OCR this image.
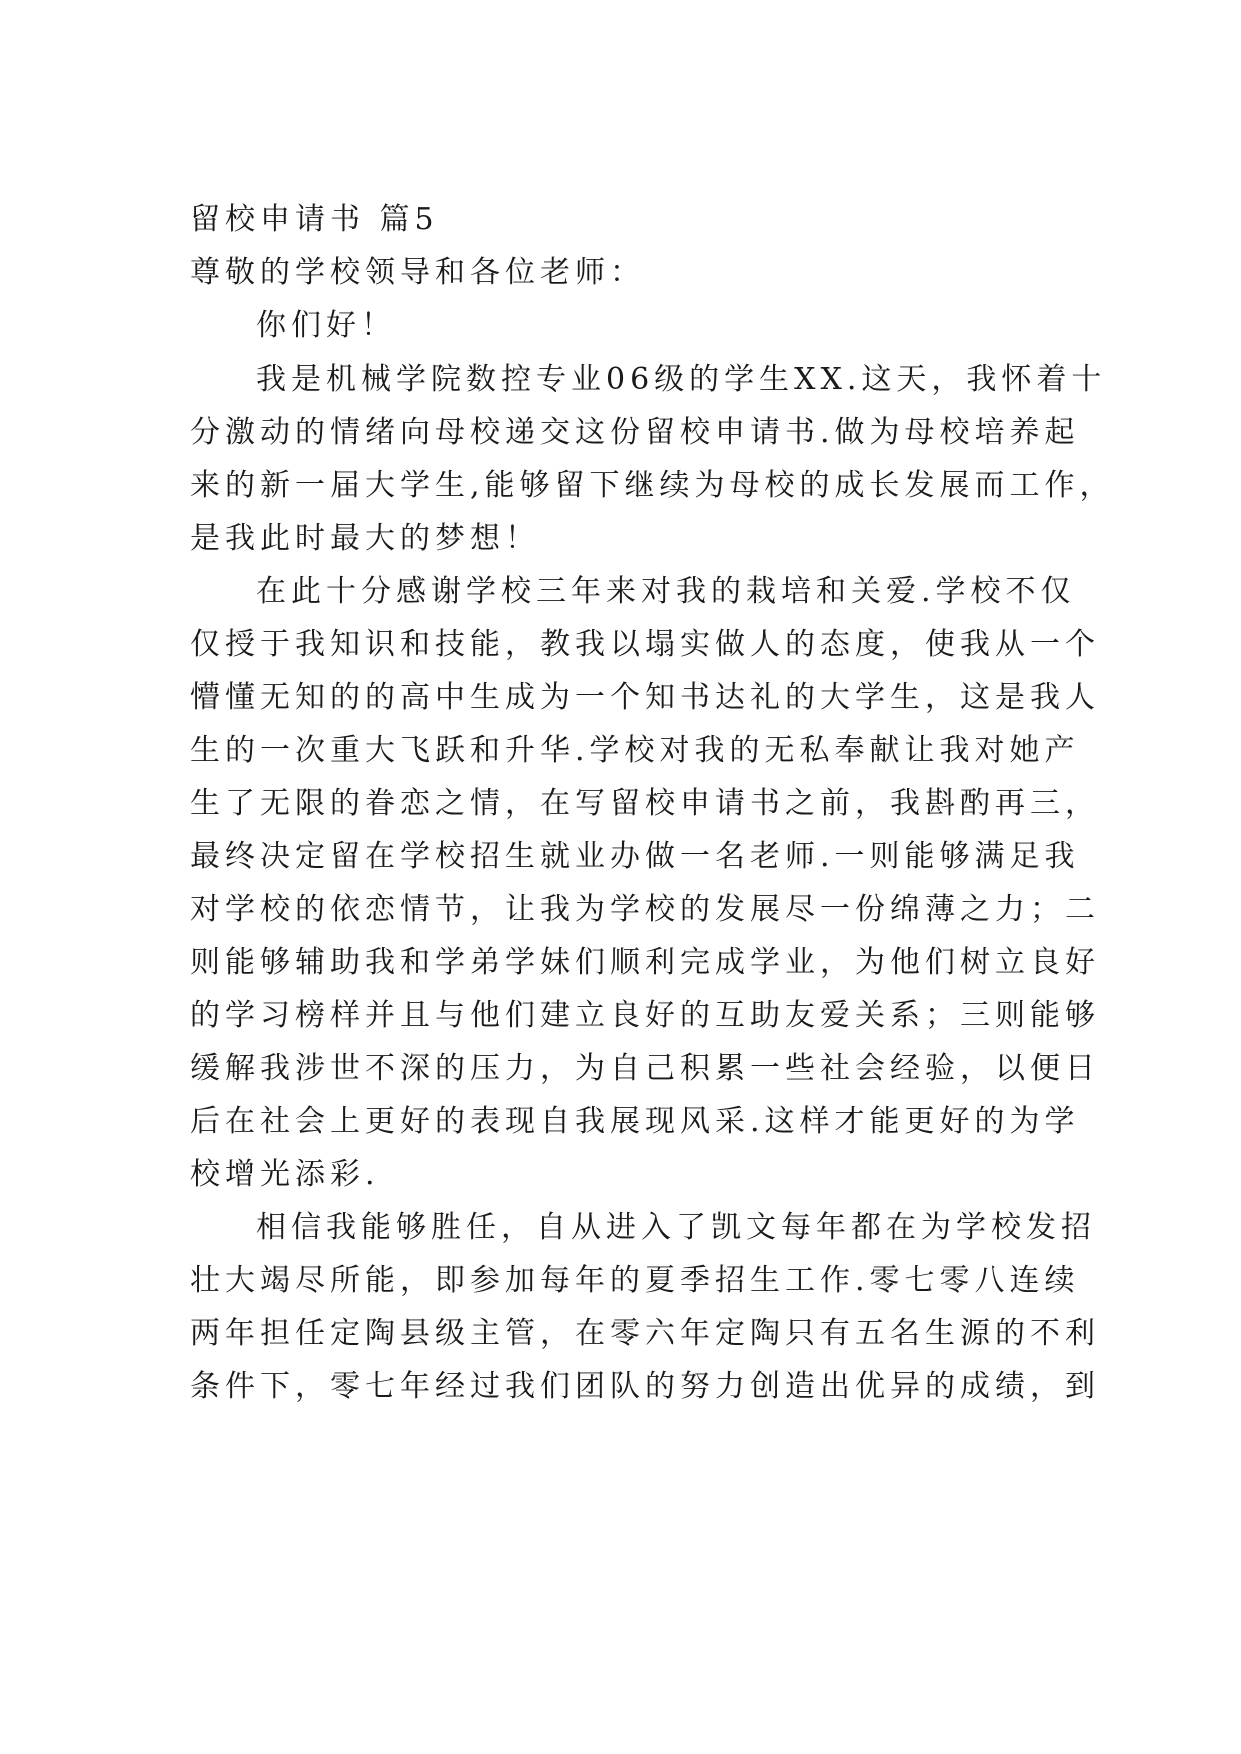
留校申请书 篇5

尊敬的学校领导和各位老师：

你们好！

我是机械学院数控专业06级的学生XX.这天，我怀着十

分激动的情绪向母校递交这份留校申请书.做为母校培养起

来的新一届大学生,能够留下继续为母校的成长发展而工作，

是我此时最大的梦想！

在此十分感谢学校三年来对我的栽培和关爱.学校不仅

仅授于我知识和技能，教我以塌实做人的态度，使我从一个

懵懂无知的的高中生成为一个知书达礼的大学生，这是我人

生的一次重大飞跃和升华.学校对我的无私奉献让我对她产

生了无限的眷恋之情，在写留校申请书之前，我斟酌再三，

最终决定留在学校招生就业办做一名老师.一则能够满足我

对学校的依恋情节，让我为学校的发展尽一份绵薄之力；二

则能够辅助我和学弟学妹们顺利完成学业，为他们树立良好

的学习榜样并且与他们建立良好的互助友爱关系；三则能够

缓解我涉世不深的压力，为自己积累一些社会经验，以便日

后在社会上更好的表现自我展现风采.这样才能更好的为学

校增光添彩.

相信我能够胜任，自从进入了凯文每年都在为学校发招

壮大竭尽所能，即参加每年的夏季招生工作.零七零八连续

两年担任定陶县级主管，在零六年定陶只有五名生源的不利

条件下，零七年经过我们团队的努力创造出优异的成绩，到
